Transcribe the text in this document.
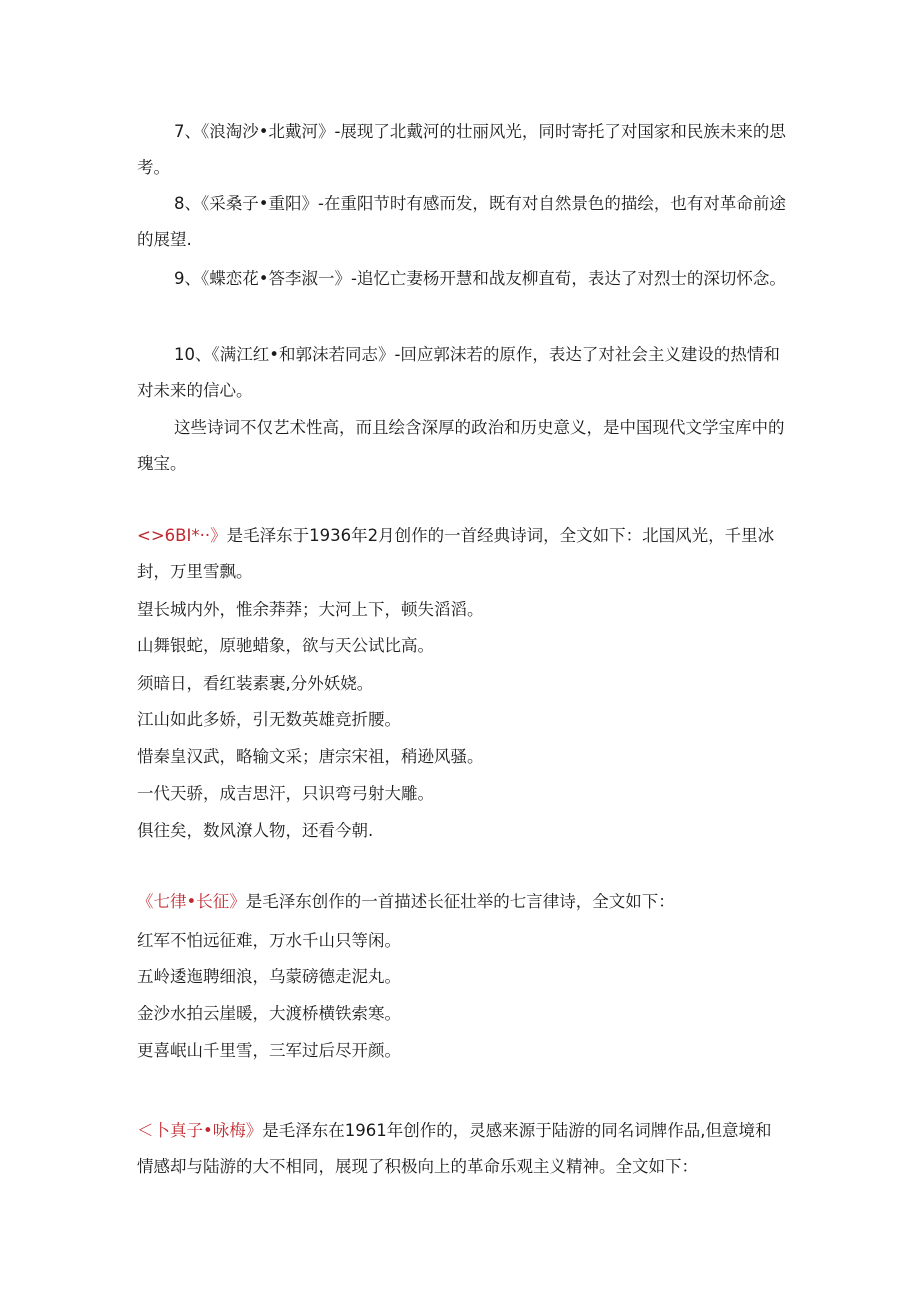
7、《浪淘沙•北戴河》-展现了北戴河的壮丽风光，同时寄托了对国家和民族未来的思考。

8、《采桑子•重阳》-在重阳节时有感而发，既有对自然景色的描绘，也有对革命前途的展望.

9、《蝶恋花•答李淑一》-追忆亡妻杨开慧和战友柳直荀，表达了对烈士的深切怀念。

10、《满江红•和郭沫若同志》-回应郭沫若的原作，表达了对社会主义建设的热情和对未来的信心。

这些诗词不仅艺术性高，而且绘含深厚的政治和历史意义，是中国现代文学宝库中的瑰宝。

<>6BI*··》是毛泽东于1936年2月创作的一首经典诗词，全文如下：北国风光，千里冰封，万里雪飘。

望长城内外，惟余莽莽；大河上下，顿失滔滔。

山舞银蛇，原驰蜡象，欲与天公试比高。

须暗日，看红装素裹,分外妖娆。

江山如此多娇，引无数英雄竞折腰。

惜秦皇汉武，略输文采；唐宗宋祖，稍逊风骚。

一代天骄，成吉思汗，只识弯弓射大雕。

俱往矣，数风潦人物，还看今朝.

《七律•长征》是毛泽东创作的一首描述长征壮举的七言律诗，全文如下：

红军不怕远征难，万水千山只等闲。

五岭逶迤聘细浪，乌蒙磅德走泥丸。

金沙水拍云崖暖，大渡桥横铁索寒。

更喜岷山千里雪，三军过后尽开颜。

＜卜真子•咏梅》是毛泽东在1961年创作的，灵感来源于陆游的同名词牌作品,但意境和情感却与陆游的大不相同，展现了积极向上的革命乐观主义精神。全文如下：
